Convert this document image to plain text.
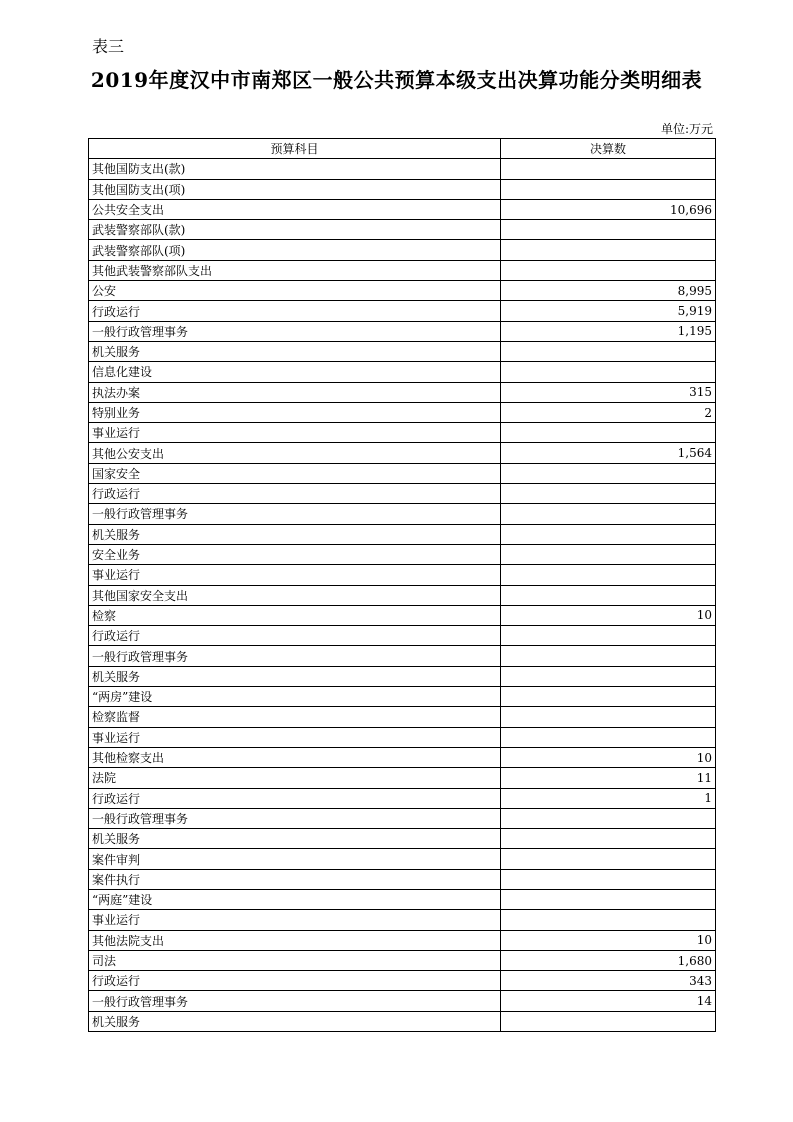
表三
2019年度汉中市南郑区一般公共预算本级支出决算功能分类明细表
单位:万元
预算科目	决算数
其他国防支出(款)	
其他国防支出(项)	
公共安全支出	10,696
武装警察部队(款)	
武装警察部队(项)	
其他武装警察部队支出	
公安	8,995
行政运行	5,919
一般行政管理事务	1,195
机关服务	
信息化建设	
执法办案	315
特别业务	2
事业运行	
其他公安支出	1,564
国家安全	
行政运行	
一般行政管理事务	
机关服务	
安全业务	
事业运行	
其他国家安全支出	
检察	10
行政运行	
一般行政管理事务	
机关服务	
“两房”建设	
检察监督	
事业运行	
其他检察支出	10
法院	11
行政运行	1
一般行政管理事务	
机关服务	
案件审判	
案件执行	
“两庭”建设	
事业运行	
其他法院支出	10
司法	1,680
行政运行	343
一般行政管理事务	14
机关服务	
